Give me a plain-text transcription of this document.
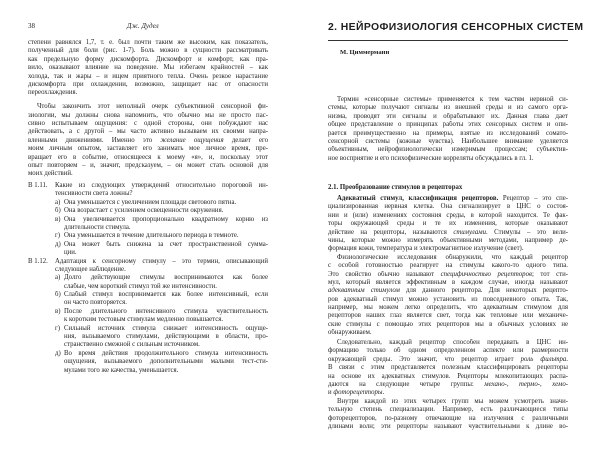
38	Дж. Дудел
степени равнялся 1,7, т. е. был почти таким же высоким, как показатель,
полученный для боли (рис. 1-7). Боль можно в сущности рассматривать
как предельную форму дискомфорта. Дискомфорт и комфорт, как пра-
вило, оказывают влияние на поведение. Мы избегаем крайностей – как
холода, так и жары – и ищем приятного тепла. Очень резкое нарастание
дискомфорта при охлаждении, возможно, защищает нас от опасности
переохлаждения.
Чтобы закончить этот неполный очерк субъективной сенсорной фи-
зиологии, мы должны снова напомнить, что обычно мы не просто пас-
сивно испытываем ощущения: с одной стороны, они побуждают нас
действовать, а с другой – мы часто активно вызываем их своими напра-
вленными движениями. Именно это желание ощущения делает его
моим личным опытом, заставляет его занимать мое личное время, пре-
вращает его в событие, относящееся к моему «я», и, поскольку этот
опыт повторяем – и, значит, предсказуем, – он может стать основой для
моих действий.
В 1.11. Какие из следующих утверждений относительно пороговой ин-
тенсивности света ложны?
а) Она уменьшается с увеличением площади светового пятна.
б) Она возрастает с усилением освещенности окружения.
в) Она увеличивается пропорционально квадратному корню из
длительности стимула.
г) Она уменьшается в течение длительного периода в темноте.
д) Она может быть снижена за счет пространственной сумма-
ции.
В 1.12. Адаптация к сенсорному стимулу – это термин, описывающий
следующее наблюдение.
а) Долго действующие стимулы воспринимаются как более
слабые, чем короткий стимул той же интенсивности.
б) Слабый стимул воспринимается как более интенсивный, если
он часто повторяется.
в) После длительного интенсивного стимула чувствительность
к коротким тестовым стимулам медленно повышается.
г) Сильный источник стимула снижает интенсивность ощуще-
ния, вызываемого стимулами, действующими в области, про-
странственно смежной с сильным источником.
д) Во время действия продолжительного стимула интенсивность
ощущения, вызываемого дополнительными малыми тест-сти-
мулами того же качества, уменьшается.
2. НЕЙРОФИЗИОЛОГИЯ СЕНСОРНЫХ СИСТЕМ
М. Циммерманн
Термин «сенсорные системы» применяется к тем частям нервной си-
стемы, которые получают сигналы из внешней среды и из самого орга-
низма, проводят эти сигналы и обрабатывают их. Данная глава дает
общее представление о принципах работы этих сенсорных систем и опи-
рается преимущественно на примеры, взятые из исследований сомато-
сенсорной системы (кожные чувства). Наибольшее внимание уделяется
объективным, нейрофизиологически измеримым процессам; субъектив-
ное восприятие и его психофизические корреляты обсуждались в гл. 1.
2.1. Преобразование стимулов в рецепторах
Адекватный стимул, классификация рецепторов. Рецептор – это спе-
циализированная нервная клетка. Она сигнализирует в ЦНС о состоя-
нии и (или) изменениях состояния среды, в которой находится. Те фак-
торы окружающей среды и те их изменения, которые оказывают
действие на рецепторы, называются стимулами. Стимулы – это вели-
чины, которые можно измерять объективными методами, например де-
формация кожи, температура и электромагнитное излучение (свет).
Физиологические исследования обнаружили, что каждый рецептор
с особой готовностью реагирует на стимулы какого-то одного типа.
Это свойство обычно называют специфичностью рецепторов; тот сти-
мул, который является эффективным в каждом случае, иногда называют
адекватным стимулом для данного рецептора. Для некоторых рецепто-
ров адекватный стимул можно установить из повседневного опыта. Так,
например, мы можем легко определить, что адекватным стимулом для
рецепторов наших глаз является свет, тогда как тепловые или механиче-
ские стимулы с помощью этих рецепторов мы в обычных условиях не
обнаруживаем.
Следовательно, каждый рецептор способен передавать в ЦНС ин-
формацию только об одном определенном аспекте или размерности
окружающей среды. Это значит, что рецептор играет роль фильтра.
В связи с этим представляется полезным классифицировать рецепторы
на основе их адекватных стимулов. Рецепторы млекопитающих распа-
даются на следующие четыре группы: механо-, термо-, хемо-
и фоторецепторы.
Внутри каждой из этих четырех групп мы можем усмотреть значи-
тельную степень специализации. Например, есть различающиеся типы
фоторецепторов, по-разному отвечающие на излучения с различными
длинами волн; эти рецепторы называют чувствительными к длине во-
